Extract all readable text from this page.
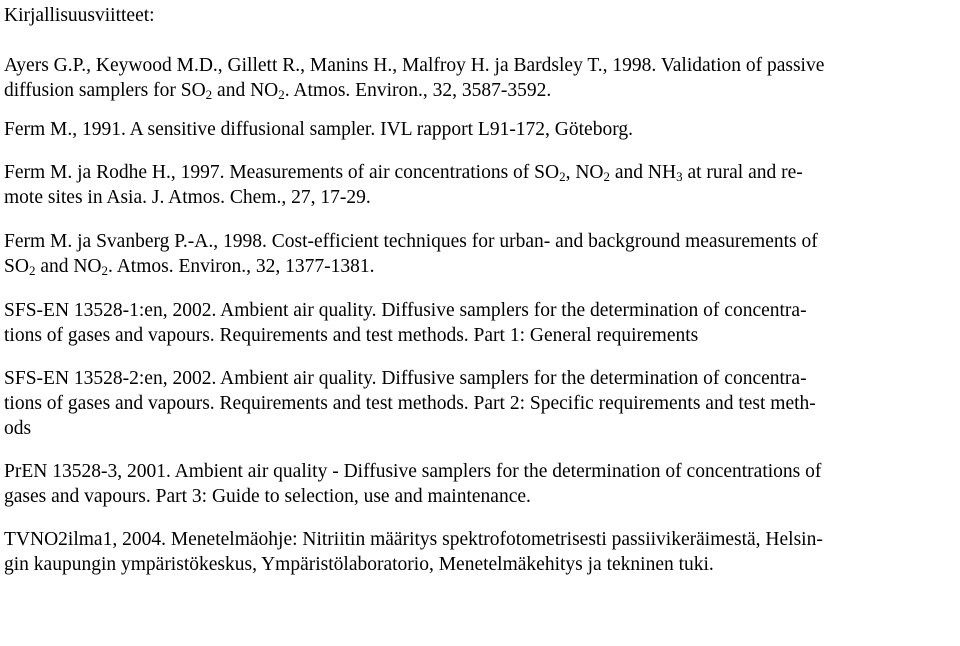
Kirjallisuusviitteet:

Ayers G.P., Keywood M.D., Gillett R., Manins H., Malfroy H. ja Bardsley T., 1998. Validation of passive
diffusion samplers for $SO_2$ and $NO_2$. Atmos. Environ., 32, 3587-3592.

Ferm M., 1991. A sensitive diffusional sampler. IVL rapport L91-172, Göteborg.

Ferm M. ja Rodhe H., 1997. Measurements of air concentrations of $SO_2$, $NO_2$ and $NH_3$ at rural and re-
mote sites in Asia. J. Atmos. Chem., 27, 17-29.

Ferm M. ja Svanberg P.-A., 1998. Cost-efficient techniques for urban- and background measurements of
$SO_2$ and $NO_2$. Atmos. Environ., 32, 1377-1381.

SFS-EN 13528-1:en, 2002. Ambient air quality. Diffusive samplers for the determination of concentra-
tions of gases and vapours. Requirements and test methods. Part 1: General requirements

SFS-EN 13528-2:en, 2002. Ambient air quality. Diffusive samplers for the determination of concentra-
tions of gases and vapours. Requirements and test methods. Part 2: Specific requirements and test meth-
ods

PrEN 13528-3, 2001. Ambient air quality - Diffusive samplers for the determination of concentrations of
gases and vapours. Part 3: Guide to selection, use and maintenance.

TVNO2ilma1, 2004. Menetelmäohje: Nitriitin määritys spektrofotometrisesti passiivikeräimestä, Helsin-
gin kaupungin ympäristökeskus, Ympäristölaboratorio, Menetelmäkehitys ja tekninen tuki.
